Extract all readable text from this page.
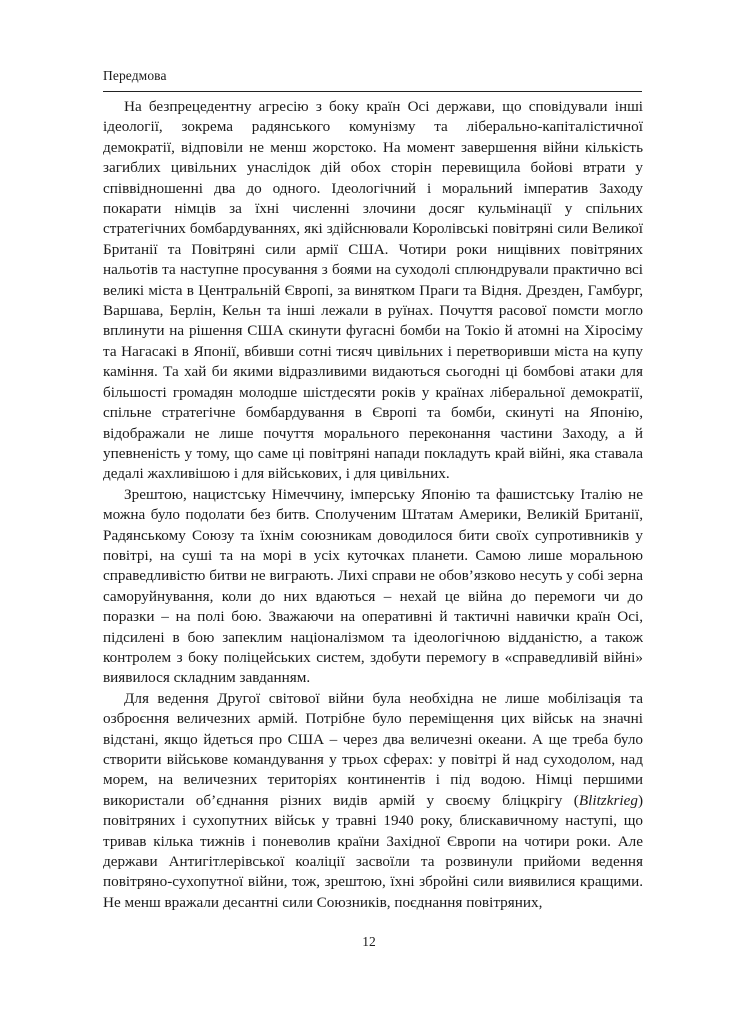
Передмова

На безпрецедентну агресію з боку країн Осі держави, що сповідували інші ідеології, зокрема радянського комунізму та ліберально-капіталістичної демократії, відповіли не менш жорстоко. На момент завершення війни кількість загиблих цивільних унаслідок дій обох сторін перевищила бойові втрати у співвідношенні два до одного. Ідеологічний і моральний імператив Заходу покарати німців за їхні численні злочини досяг кульмінації у спільних стратегічних бомбардуваннях, які здійснювали Королівські повітряні сили Великої Британії та Повітряні сили армії США. Чотири роки нищівних повітряних нальотів та наступне просування з боями на суходолі сплюндрували практично всі великі міста в Центральній Європі, за винятком Праги та Відня. Дрезден, Гамбург, Варшава, Берлін, Кельн та інші лежали в руїнах. Почуття расової помсти могло вплинути на рішення США скинути фугасні бомби на Токіо й атомні на Хіросіму та Нагасакі в Японії, вбивши сотні тисяч цивільних і перетворивши міста на купу каміння. Та хай би якими відразливими видаються сьогодні ці бомбові атаки для більшості громадян молодше шістдесяти років у країнах ліберальної демократії, спільне стратегічне бомбардування в Європі та бомби, скинуті на Японію, відображали не лише почуття морального переконання частини Заходу, а й упевненість у тому, що саме ці повітряні напади покладуть край війні, яка ставала дедалі жахливішою і для військових, і для цивільних.

Зрештою, нацистську Німеччину, імперську Японію та фашистську Італію не можна було подолати без битв. Сполученим Штатам Америки, Великій Британії, Радянському Союзу та їхнім союзникам доводилося бити своїх супротивників у повітрі, на суші та на морі в усіх куточках планети. Самою лише моральною справедливістю битви не виграють. Лихі справи не обов’язково несуть у собі зерна саморуйнування, коли до них вдаються – нехай це війна до перемоги чи до поразки – на полі бою. Зважаючи на оперативні й тактичні навички країн Осі, підсилені в бою запеклим націоналізмом та ідеологічною відданістю, а також контролем з боку поліцейських систем, здобути перемогу в «справедливій війні» виявилося складним завданням.

Для ведення Другої світової війни була необхідна не лише мобілізація та озброєння величезних армій. Потрібне було переміщення цих військ на значні відстані, якщо йдеться про США – через два величезні океани. А ще треба було створити військове командування у трьох сферах: у повітрі й над суходолом, над морем, на величезних територіях континентів і під водою. Німці першими використали об’єднання різних видів армій у своєму бліцкрігу (Blitzkrieg) повітряних і сухопутних військ у травні 1940 року, блискавичному наступі, що тривав кілька тижнів і поневолив країни Західної Європи на чотири роки. Але держави Антигітлерівської коаліції засвоїли та розвинули прийоми ведення повітряно-сухопутної війни, тож, зрештою, їхні збройні сили виявилися кращими. Не менш вражали десантні сили Союзників, поєднання повітряних,

12
